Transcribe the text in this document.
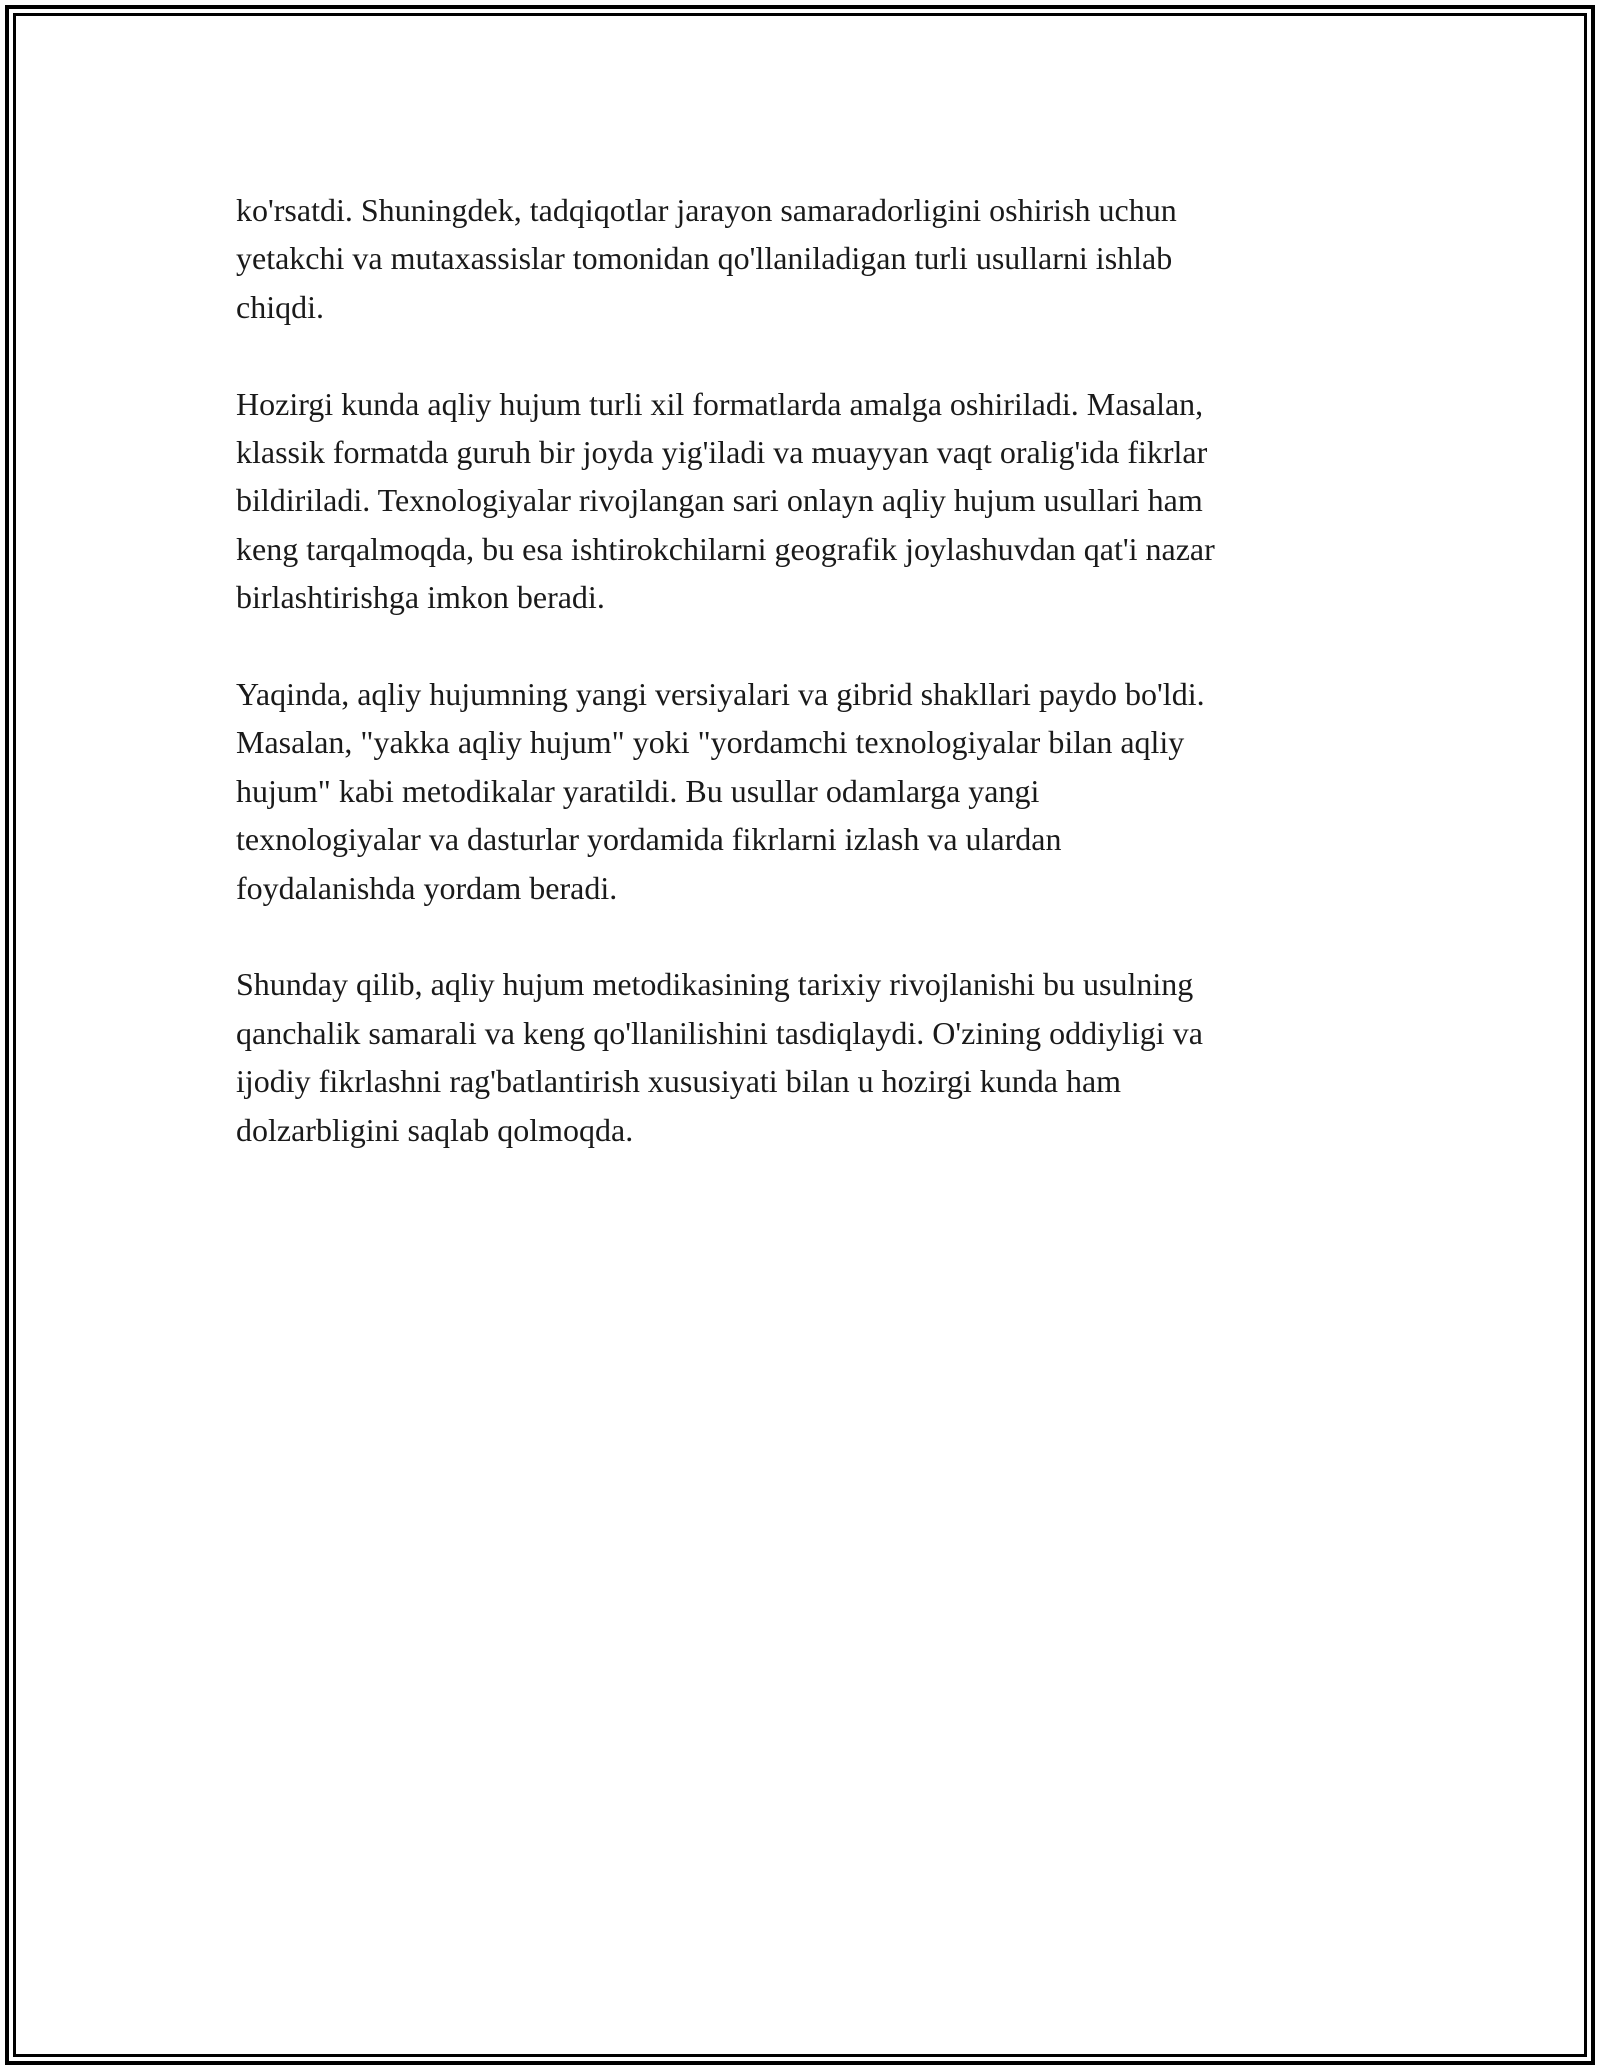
ko'rsatdi. Shuningdek, tadqiqotlar jarayon samaradorligini oshirish uchun
yetakchi va mutaxassislar tomonidan qo'llaniladigan turli usullarni ishlab
chiqdi.

Hozirgi kunda aqliy hujum turli xil formatlarda amalga oshiriladi. Masalan,
klassik formatda guruh bir joyda yig'iladi va muayyan vaqt oralig'ida fikrlar
bildiriladi. Texnologiyalar rivojlangan sari onlayn aqliy hujum usullari ham
keng tarqalmoqda, bu esa ishtirokchilarni geografik joylashuvdan qat'i nazar
birlashtirishga imkon beradi.

Yaqinda, aqliy hujumning yangi versiyalari va gibrid shakllari paydo bo'ldi.
Masalan, "yakka aqliy hujum" yoki "yordamchi texnologiyalar bilan aqliy
hujum" kabi metodikalar yaratildi. Bu usullar odamlarga yangi
texnologiyalar va dasturlar yordamida fikrlarni izlash va ulardan
foydalanishda yordam beradi.

Shunday qilib, aqliy hujum metodikasining tarixiy rivojlanishi bu usulning
qanchalik samarali va keng qo'llanilishini tasdiqlaydi. O'zining oddiyligi va
ijodiy fikrlashni rag'batlantirish xususiyati bilan u hozirgi kunda ham
dolzarbligini saqlab qolmoqda.
